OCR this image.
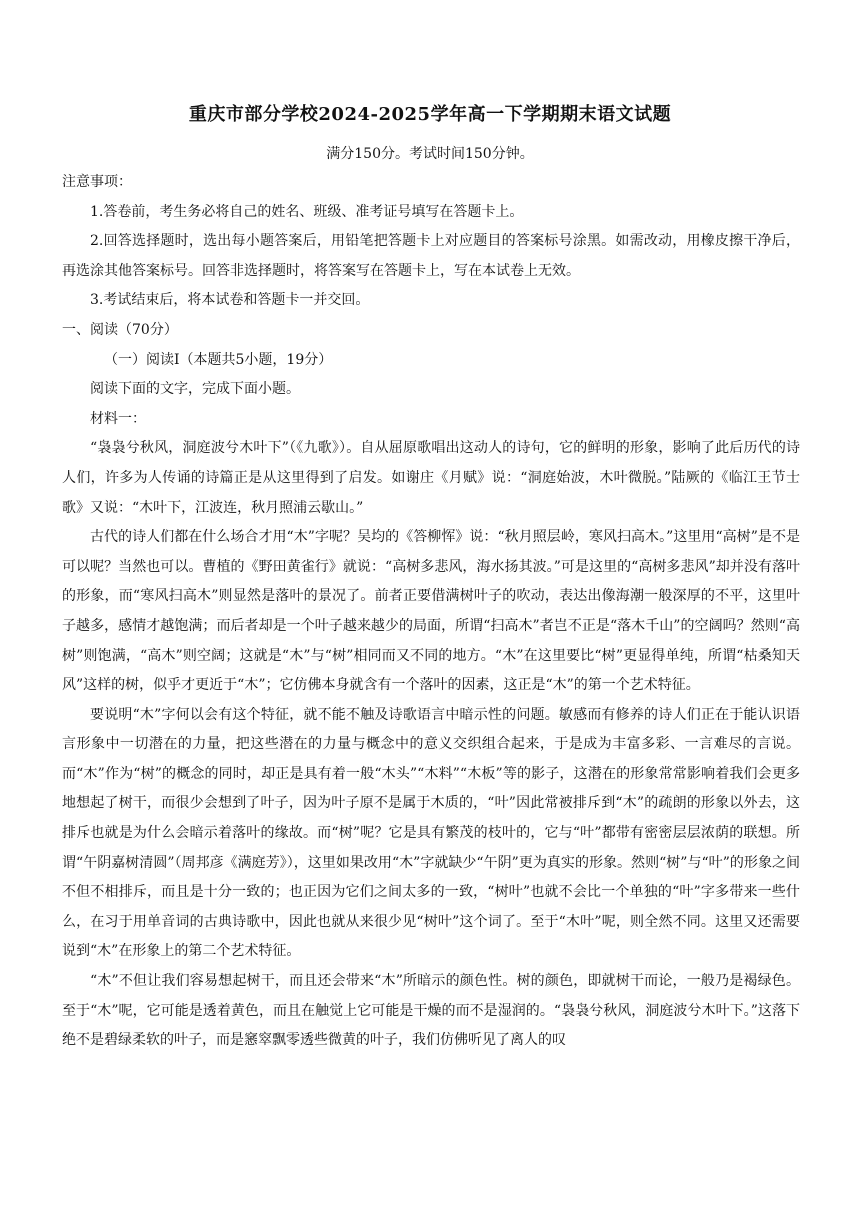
重庆市部分学校2024-2025学年高一下学期期末语文试题
满分150分。考试时间150分钟。

注意事项：

1.答卷前，考生务必将自己的姓名、班级、准考证号填写在答题卡上。

2.回答选择题时，选出每小题答案后，用铅笔把答题卡上对应题目的答案标号涂黑。如需改动，用橡皮擦干净后，再选涂其他答案标号。回答非选择题时，将答案写在答题卡上，写在本试卷上无效。

3.考试结束后，将本试卷和答题卡一并交回。

一、阅读（70分）

（一）阅读Ⅰ（本题共5小题，19分）

阅读下面的文字，完成下面小题。

材料一：

“袅袅兮秋风，洞庭波兮木叶下”（《九歌》）。自从屈原歌唱出这动人的诗句，它的鲜明的形象，影响了此后历代的诗人们，许多为人传诵的诗篇正是从这里得到了启发。如谢庄《月赋》说：“洞庭始波，木叶微脱。”陆厥的《临江王节士歌》又说：“木叶下，江波连，秋月照浦云歇山。”

古代的诗人们都在什么场合才用“木”字呢？吴均的《答柳恽》说：“秋月照层岭，寒风扫高木。”这里用“高树”是不是可以呢？当然也可以。曹植的《野田黄雀行》就说：“高树多悲风，海水扬其波。”可是这里的“高树多悲风”却并没有落叶的形象，而“寒风扫高木”则显然是落叶的景况了。前者正要借满树叶子的吹动，表达出像海潮一般深厚的不平，这里叶子越多，感情才越饱满；而后者却是一个叶子越来越少的局面，所谓“扫高木”者岂不正是“落木千山”的空阔吗？然则“高树”则饱满，“高木”则空阔；这就是“木”与“树”相同而又不同的地方。“木”在这里要比“树”更显得单纯，所谓“枯桑知天风”这样的树，似乎才更近于“木”；它仿佛本身就含有一个落叶的因素，这正是“木”的第一个艺术特征。

要说明“木”字何以会有这个特征，就不能不触及诗歌语言中暗示性的问题。敏感而有修养的诗人们正在于能认识语言形象中一切潜在的力量，把这些潜在的力量与概念中的意义交织组合起来，于是成为丰富多彩、一言难尽的言说。而“木”作为“树”的概念的同时，却正是具有着一般“木头”“木料”“木板”等的影子，这潜在的形象常常影响着我们会更多地想起了树干，而很少会想到了叶子，因为叶子原不是属于木质的，“叶”因此常被排斥到“木”的疏朗的形象以外去，这排斥也就是为什么会暗示着落叶的缘故。而“树”呢？它是具有繁茂的枝叶的，它与“叶”都带有密密层层浓荫的联想。所谓“午阴嘉树清圆”（周邦彦《满庭芳》），这里如果改用“木”字就缺少“午阴”更为真实的形象。然则“树”与“叶”的形象之间不但不相排斥，而且是十分一致的；也正因为它们之间太多的一致，“树叶”也就不会比一个单独的“叶”字多带来一些什么，在习于用单音词的古典诗歌中，因此也就从来很少见“树叶”这个词了。至于“木叶”呢，则全然不同。这里又还需要说到“木”在形象上的第二个艺术特征。

“木”不但让我们容易想起树干，而且还会带来“木”所暗示的颜色性。树的颜色，即就树干而论，一般乃是褐绿色。至于“木”呢，它可能是透着黄色，而且在触觉上它可能是干燥的而不是湿润的。“袅袅兮秋风，洞庭波兮木叶下。”这落下绝不是碧绿柔软的叶子，而是窸窣飘零透些微黄的叶子，我们仿佛听见了离人的叹
